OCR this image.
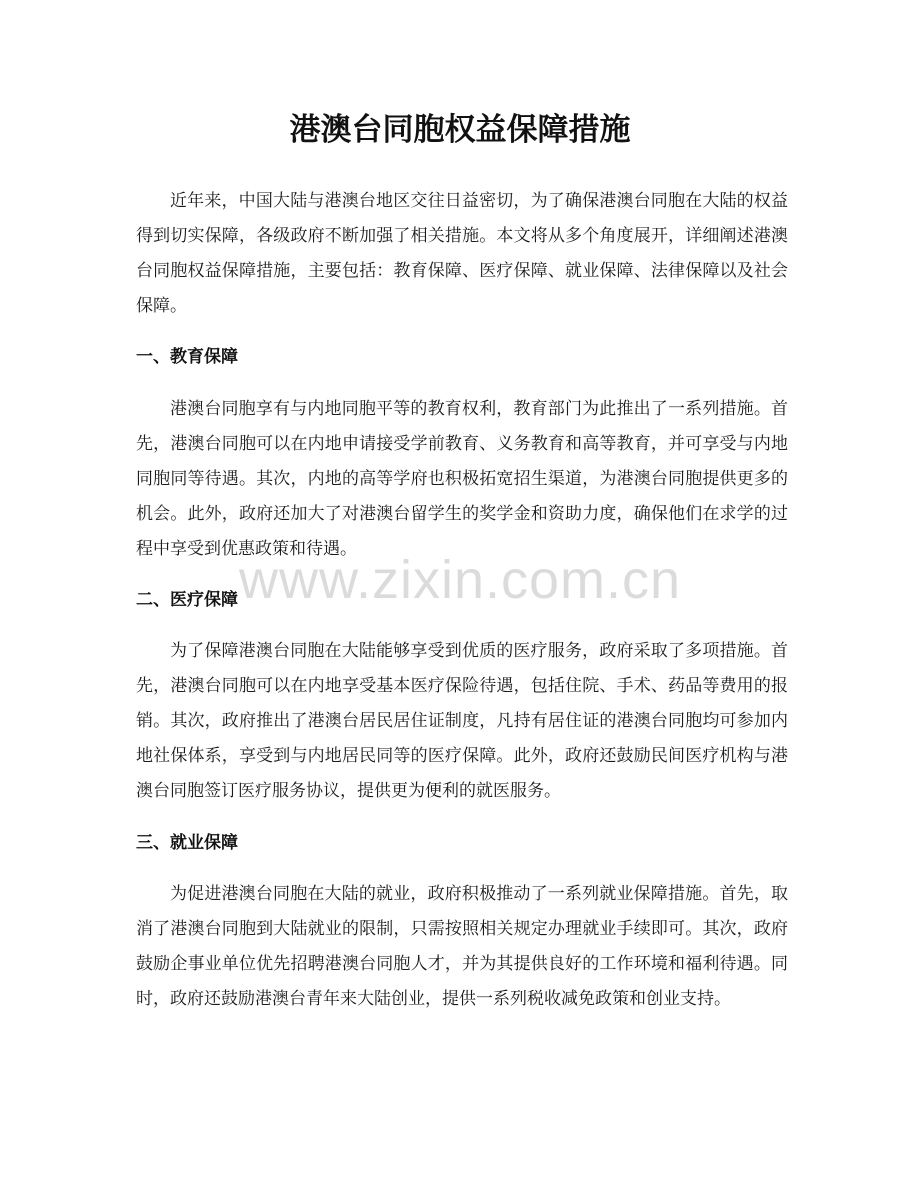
港澳台同胞权益保障措施

近年来，中国大陆与港澳台地区交往日益密切，为了确保港澳台同胞在大陆的权益得到切实保障，各级政府不断加强了相关措施。本文将从多个角度展开，详细阐述港澳台同胞权益保障措施，主要包括：教育保障、医疗保障、就业保障、法律保障以及社会保障。

一、教育保障

港澳台同胞享有与内地同胞平等的教育权利，教育部门为此推出了一系列措施。首先，港澳台同胞可以在内地申请接受学前教育、义务教育和高等教育，并可享受与内地同胞同等待遇。其次，内地的高等学府也积极拓宽招生渠道，为港澳台同胞提供更多的机会。此外，政府还加大了对港澳台留学生的奖学金和资助力度，确保他们在求学的过程中享受到优惠政策和待遇。

二、医疗保障

为了保障港澳台同胞在大陆能够享受到优质的医疗服务，政府采取了多项措施。首先，港澳台同胞可以在内地享受基本医疗保险待遇，包括住院、手术、药品等费用的报销。其次，政府推出了港澳台居民居住证制度，凡持有居住证的港澳台同胞均可参加内地社保体系，享受到与内地居民同等的医疗保障。此外，政府还鼓励民间医疗机构与港澳台同胞签订医疗服务协议，提供更为便利的就医服务。

三、就业保障

为促进港澳台同胞在大陆的就业，政府积极推动了一系列就业保障措施。首先，取消了港澳台同胞到大陆就业的限制，只需按照相关规定办理就业手续即可。其次，政府鼓励企事业单位优先招聘港澳台同胞人才，并为其提供良好的工作环境和福利待遇。同时，政府还鼓励港澳台青年来大陆创业，提供一系列税收减免政策和创业支持。

www.zixin.com.cn
